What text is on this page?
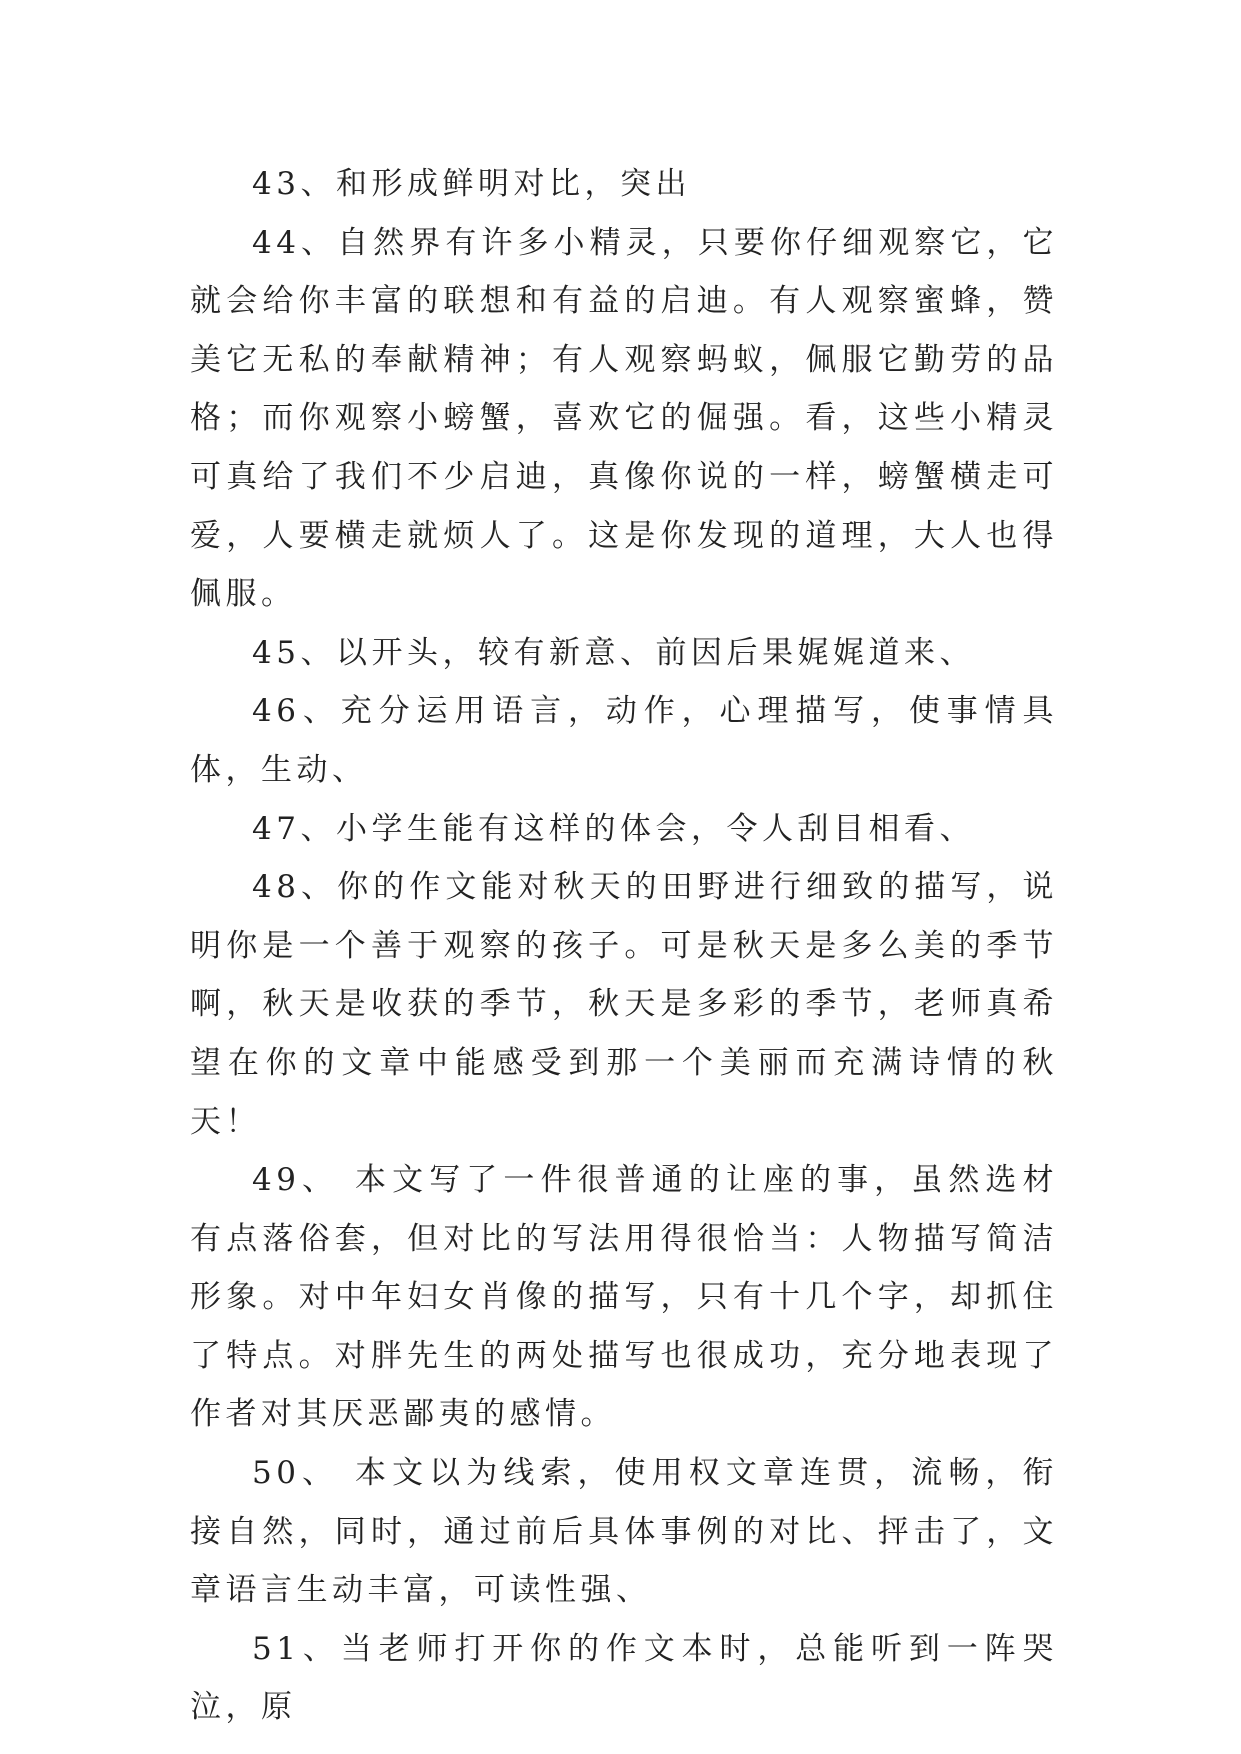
43、和形成鲜明对比，突出

44、自然界有许多小精灵，只要你仔细观察它，它就会给你丰富的联想和有益的启迪。有人观察蜜蜂，赞美它无私的奉献精神；有人观察蚂蚁，佩服它勤劳的品格；而你观察小螃蟹，喜欢它的倔强。看，这些小精灵可真给了我们不少启迪，真像你说的一样，螃蟹横走可爱，人要横走就烦人了。这是你发现的道理，大人也得佩服。

45、以开头，较有新意、前因后果娓娓道来、

46、充分运用语言，动作，心理描写，使事情具体，生动、

47、小学生能有这样的体会，令人刮目相看、

48、你的作文能对秋天的田野进行细致的描写，说明你是一个善于观察的孩子。可是秋天是多么美的季节啊，秋天是收获的季节，秋天是多彩的季节，老师真希望在你的文章中能感受到那一个美丽而充满诗情的秋天！

49、 本文写了一件很普通的让座的事，虽然选材有点落俗套，但对比的写法用得很恰当：人物描写简洁形象。对中年妇女肖像的描写，只有十几个字，却抓住了特点。对胖先生的两处描写也很成功，充分地表现了作者对其厌恶鄙夷的感情。

50、 本文以为线索，使用权文章连贯，流畅，衔接自然，同时，通过前后具体事例的对比、抨击了，文章语言生动丰富，可读性强、

51、当老师打开你的作文本时，总能听到一阵哭泣，原
